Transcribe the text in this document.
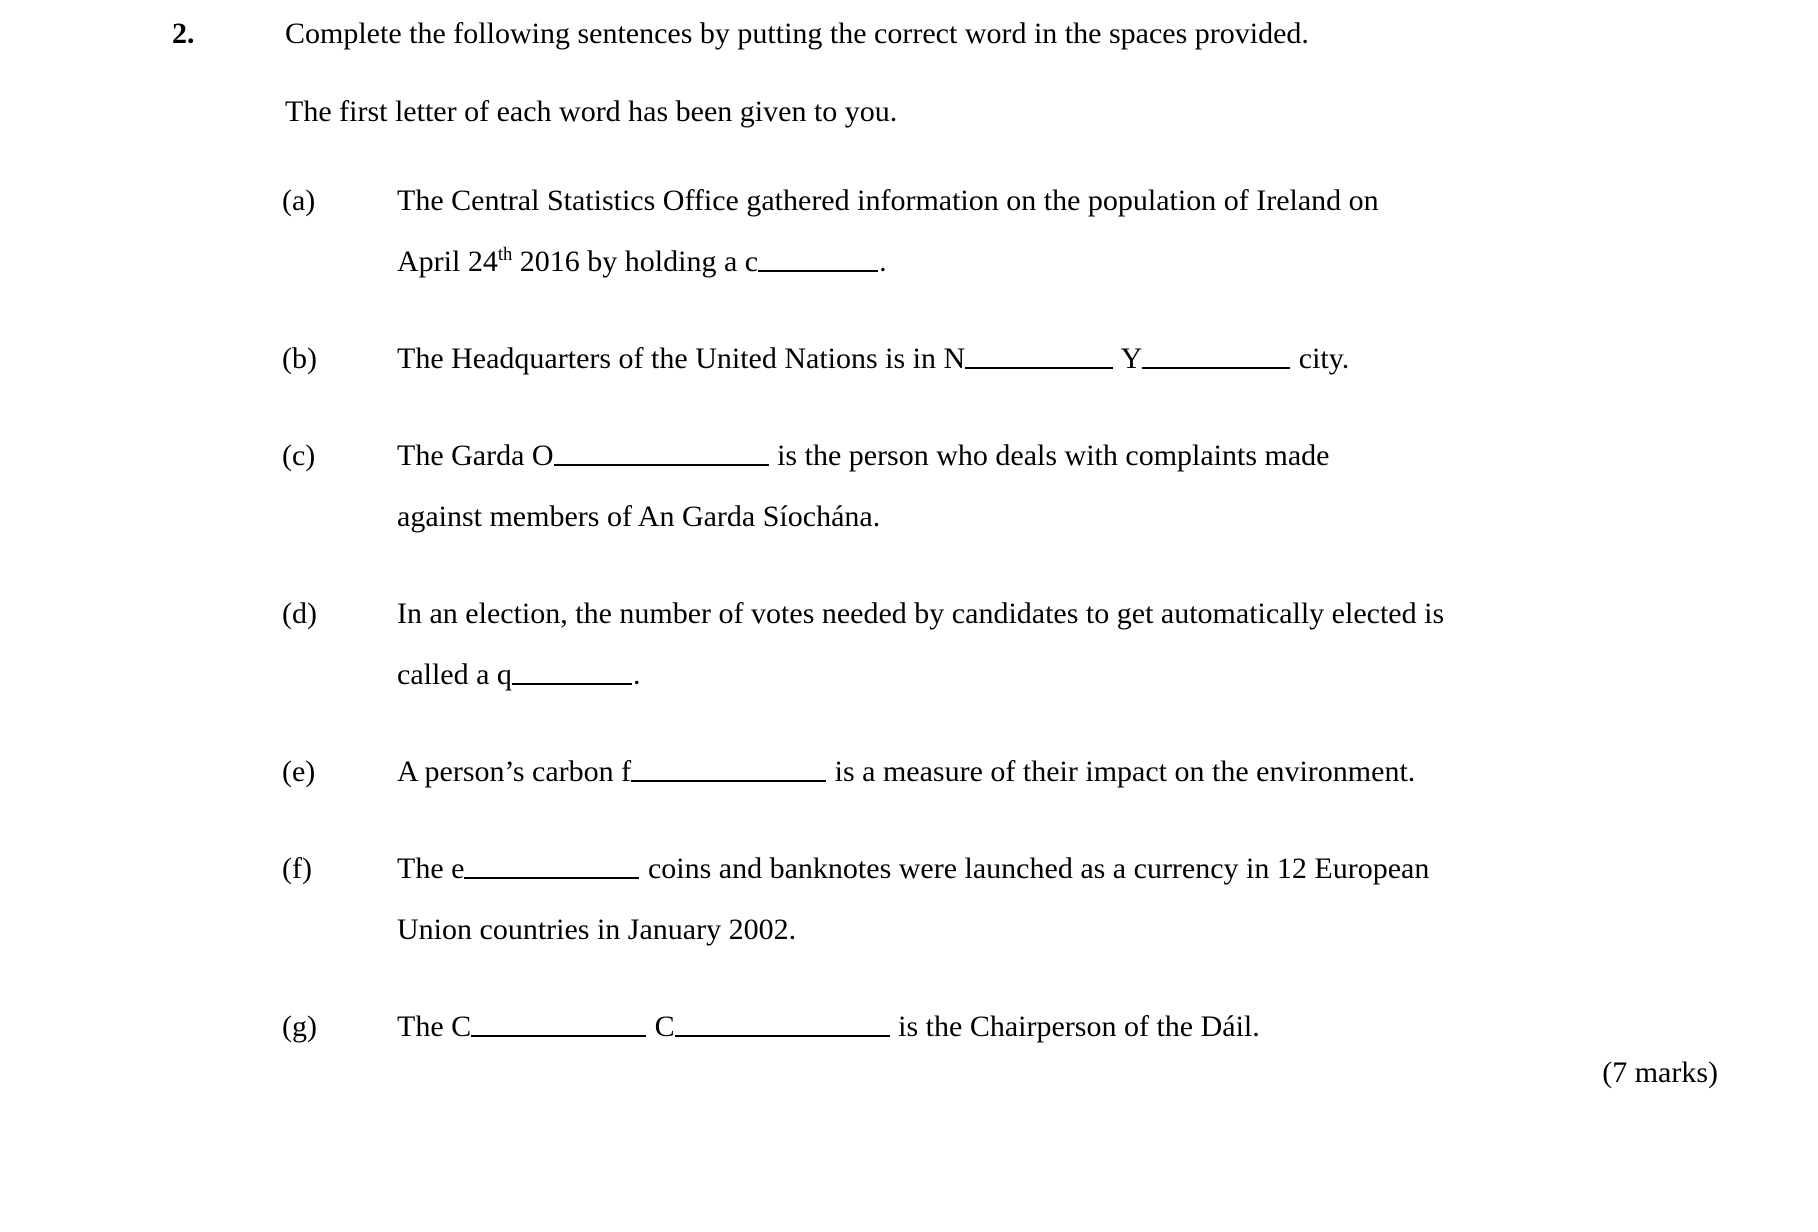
2.	Complete the following sentences by putting the correct word in the spaces provided.

The first letter of each word has been given to you.

(a)	The Central Statistics Office gathered information on the population of Ireland on

April 24th 2016 by holding a c	.

(b)	The Headquarters of the United Nations is in N	Y	city.

(c)	The Garda O	is the person who deals with complaints made

against members of An Garda Síochána.

(d)	In an election, the number of votes needed by candidates to get automatically elected is

called a q	.

(e)	A person’s carbon f	is a measure of their impact on the environment.

(f)	The e	coins and banknotes were launched as a currency in 12 European

Union countries in January 2002.

(g)	The C	C	is the Chairperson of the Dáil.

(7 marks)
